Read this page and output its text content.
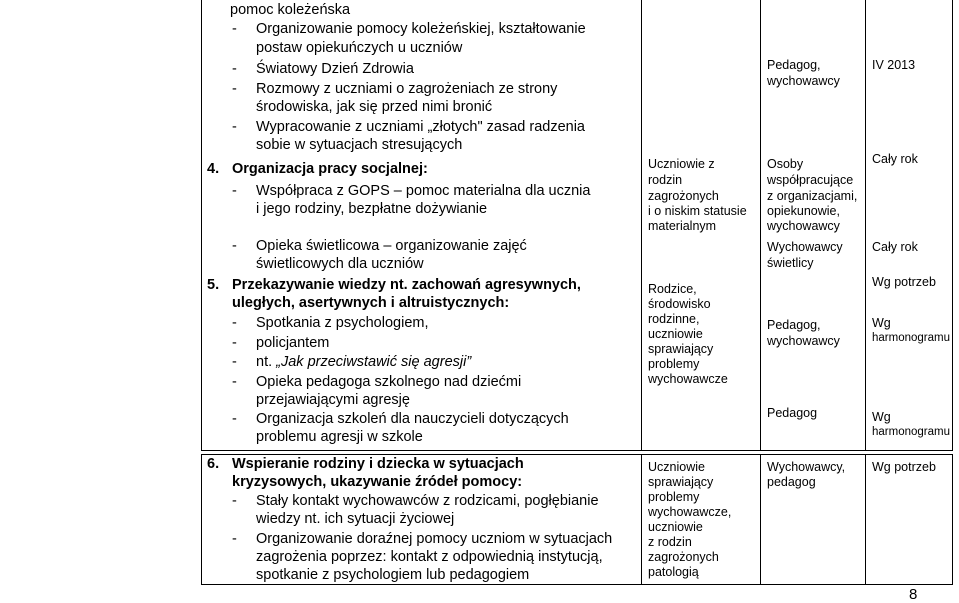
pomoc koleżeńska
- Organizowanie pomocy koleżeńskiej, kształtowanie
postaw opiekuńczych u uczniów
- Światowy Dzień Zdrowia
- Rozmowy z uczniami o zagrożeniach ze strony
środowiska, jak się przed nimi bronić
- Wypracowanie z uczniami „złotych" zasad radzenia
sobie w sytuacjach stresujących
Pedagog,
wychowawcy
IV 2013
4. Organizacja pracy socjalnej:
- Współpraca z GOPS – pomoc materialna dla ucznia
i jego rodziny, bezpłatne dożywianie
- Opieka świetlicowa – organizowanie zajęć
świetlicowych dla uczniów
Uczniowie z
rodzin
zagrożonych
i o niskim statusie
materialnym
Osoby
współpracujące
z organizacjami,
opiekunowie,
wychowawcy
Wychowawcy
świetlicy
Cały rok
Cały rok
5. Przekazywanie wiedzy nt. zachowań agresywnych,
uległych, asertywnych i altruistycznych:
- Spotkania z psychologiem,
- policjantem
- nt. „Jak przeciwstawić się agresji”
- Opieka pedagoga szkolnego nad dziećmi
przejawiającymi agresję
- Organizacja szkoleń dla nauczycieli dotyczących
problemu agresji w szkole
Rodzice,
środowisko
rodzinne,
uczniowie
sprawiający
problemy
wychowawcze
Pedagog,
wychowawcy
Pedagog
Wg potrzeb
Wg
harmonogramu
Wg
harmonogramu
6. Wspieranie rodziny i dziecka w sytuacjach
kryzysowych, ukazywanie źródeł pomocy:
- Stały kontakt wychowawców z rodzicami, pogłębianie
wiedzy nt. ich sytuacji życiowej
- Organizowanie doraźnej pomocy uczniom w sytuacjach
zagrożenia poprzez: kontakt z odpowiednią instytucją,
spotkanie z psychologiem lub pedagogiem
Uczniowie
sprawiający
problemy
wychowawcze,
uczniowie
z rodzin
zagrożonych
patologią
Wychowawcy,
pedagog
Wg potrzeb
8
